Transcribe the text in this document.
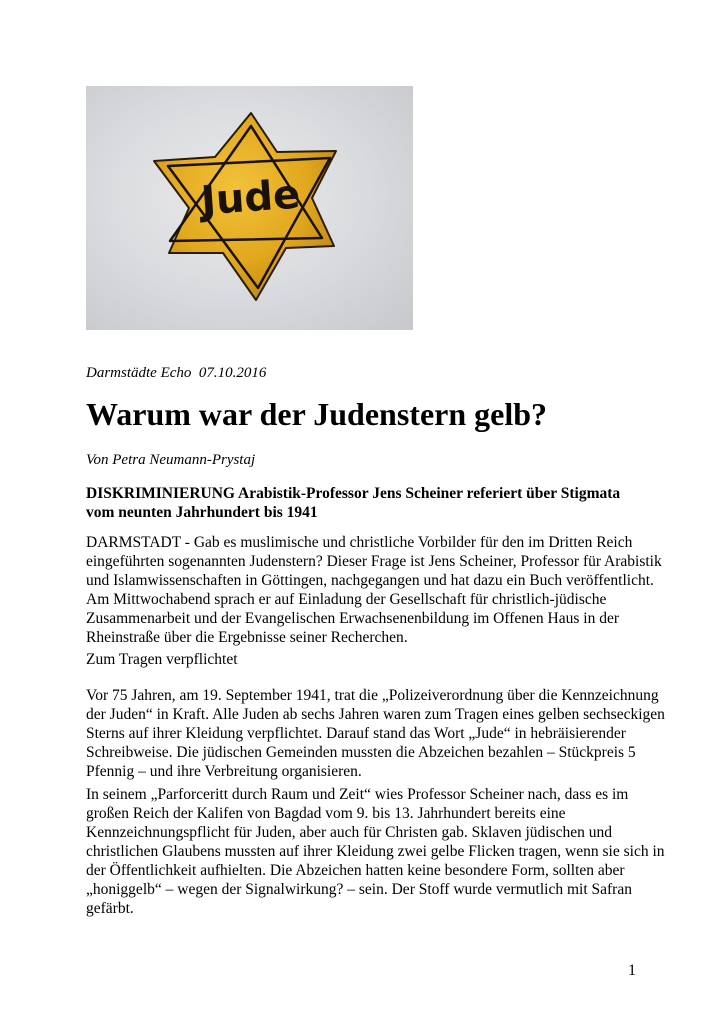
Jude

Darmstädte Echo  07.10.2016

Warum war der Judenstern gelb?

Von Petra Neumann-Prystaj

DISKRIMINIERUNG Arabistik-Professor Jens Scheiner referiert über Stigmata vom neunten Jahrhundert bis 1941

DARMSTADT - Gab es muslimische und christliche Vorbilder für den im Dritten Reich
eingeführten sogenannten Judenstern? Dieser Frage ist Jens Scheiner, Professor für Arabistik
und Islamwissenschaften in Göttingen, nachgegangen und hat dazu ein Buch veröffentlicht.
Am Mittwochabend sprach er auf Einladung der Gesellschaft für christlich-jüdische
Zusammenarbeit und der Evangelischen Erwachsenenbildung im Offenen Haus in der
Rheinstraße über die Ergebnisse seiner Recherchen.

Zum Tragen verpflichtet

Vor 75 Jahren, am 19. September 1941, trat die „Polizeiverordnung über die Kennzeichnung
der Juden“ in Kraft. Alle Juden ab sechs Jahren waren zum Tragen eines gelben sechseckigen
Sterns auf ihrer Kleidung verpflichtet. Darauf stand das Wort „Jude“ in hebräisierender
Schreibweise. Die jüdischen Gemeinden mussten die Abzeichen bezahlen – Stückpreis 5
Pfennig – und ihre Verbreitung organisieren.

In seinem „Parforceritt durch Raum und Zeit“ wies Professor Scheiner nach, dass es im
großen Reich der Kalifen von Bagdad vom 9. bis 13. Jahrhundert bereits eine
Kennzeichnungspflicht für Juden, aber auch für Christen gab. Sklaven jüdischen und
christlichen Glaubens mussten auf ihrer Kleidung zwei gelbe Flicken tragen, wenn sie sich in
der Öffentlichkeit aufhielten. Die Abzeichen hatten keine besondere Form, sollten aber
„honiggelb“ – wegen der Signalwirkung? – sein. Der Stoff wurde vermutlich mit Safran
gefärbt.

1
